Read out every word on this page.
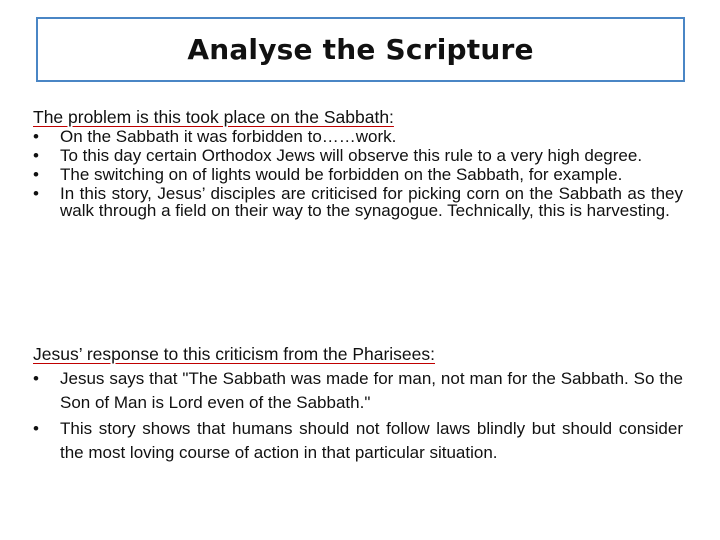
Analyse the Scripture
The problem is this took place on the Sabbath:
•	On the Sabbath it was forbidden to……work.
•	To this day certain Orthodox Jews will observe this rule to a very high degree.
•	The switching on of lights would be forbidden on the Sabbath, for example.
•	In this story, Jesus’ disciples are criticised for picking corn on the Sabbath as they walk through a field on their way to the synagogue. Technically, this is harvesting.
Jesus’ response to this criticism from the Pharisees:
•	Jesus says that "The Sabbath was made for man, not man for the Sabbath. So the Son of Man is Lord even of the Sabbath."
•	This story shows that humans should not follow laws blindly but should consider the most loving course of action in that particular situation.
